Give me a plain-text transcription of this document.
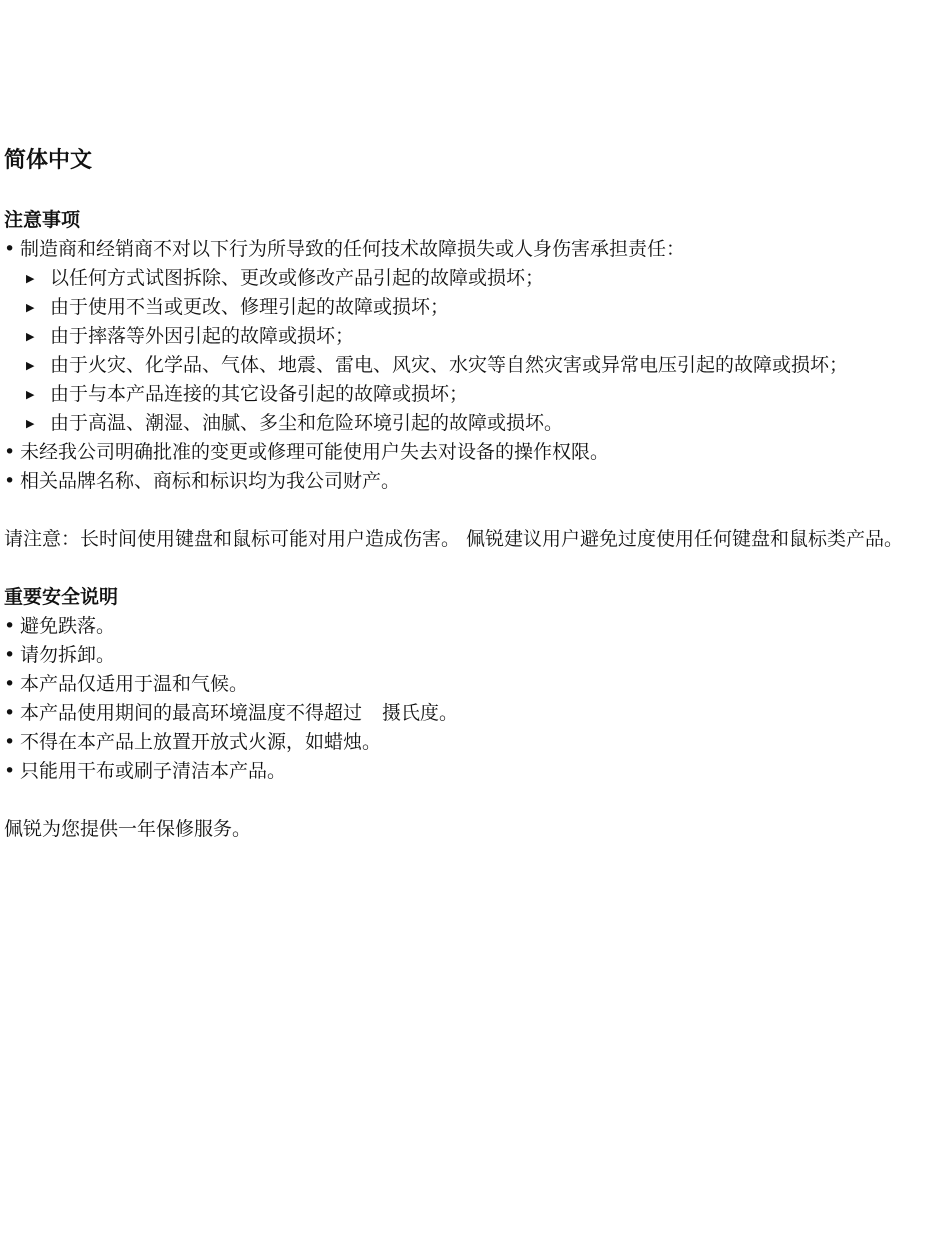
简体中文
注意事项
• 制造商和经销商不对以下行为所导致的任何技术故障损失或人身伤害承担责任：
▶ 以任何方式试图拆除、更改或修改产品引起的故障或损坏；
▶ 由于使用不当或更改、修理引起的故障或损坏；
▶ 由于摔落等外因引起的故障或损坏；
▶ 由于火灾、化学品、气体、地震、雷电、风灾、水灾等自然灾害或异常电压引起的故障或损坏；
▶ 由于与本产品连接的其它设备引起的故障或损坏；
▶ 由于高温、潮湿、油腻、多尘和危险环境引起的故障或损坏。
• 未经我公司明确批准的变更或修理可能使用户失去对设备的操作权限。
• 相关品牌名称、商标和标识均为我公司财产。

请注意：长时间使用键盘和鼠标可能对用户造成伤害。 佩锐建议用户避免过度使用任何键盘和鼠标类产品。

重要安全说明
• 避免跌落。
• 请勿拆卸。
• 本产品仅适用于温和气候。
• 本产品使用期间的最高环境温度不得超过 摄氏度。
• 不得在本产品上放置开放式火源，如蜡烛。
• 只能用干布或刷子清洁本产品。

佩锐为您提供一年保修服务。
